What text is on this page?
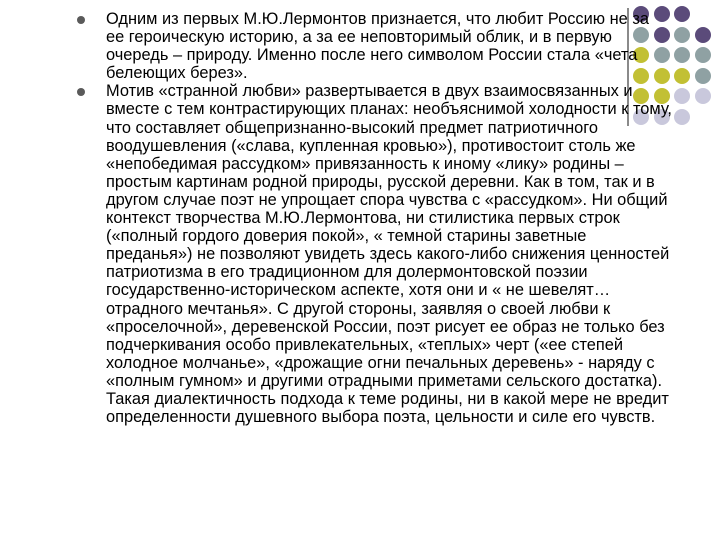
Одним из первых М.Ю.Лермонтов признается, что любит Россию не за ее героическую историю, а за ее неповторимый облик, и в первую очередь – природу. Именно после него символом России стала «чета белеющих берез».
Мотив «странной любви» развертывается в двух взаимосвязанных и вместе с тем контрастирующих планах: необъяснимой холодности к тому, что составляет общепризнанно-высокий предмет патриотичного воодушевления («слава, купленная кровью»), противостоит столь же «непобедимая рассудком» привязанность к иному «лику» родины – простым картинам родной природы, русской деревни. Как в том, так и в другом случае поэт не упрощает спора чувства с «рассудком». Ни общий контекст творчества М.Ю.Лермонтова, ни стилистика первых строк («полный гордого доверия покой», « темной старины заветные преданья») не позволяют увидеть здесь какого-либо снижения ценностей патриотизма в его традиционном для долермонтовской поэзии государственно-историческом аспекте, хотя они и « не шевелят… отрадного мечтанья». С другой стороны, заявляя о своей любви к «проселочной», деревенской России, поэт рисует ее образ не только без подчеркивания особо привлекательных, «теплых» черт («ее степей холодное молчанье», «дрожащие огни печальных деревень» - наряду с «полным гумном» и другими отрадными приметами сельского достатка). Такая диалектичность подхода к теме родины, ни в какой мере не вредит определенности душевного выбора поэта, цельности и силе его чувств.
